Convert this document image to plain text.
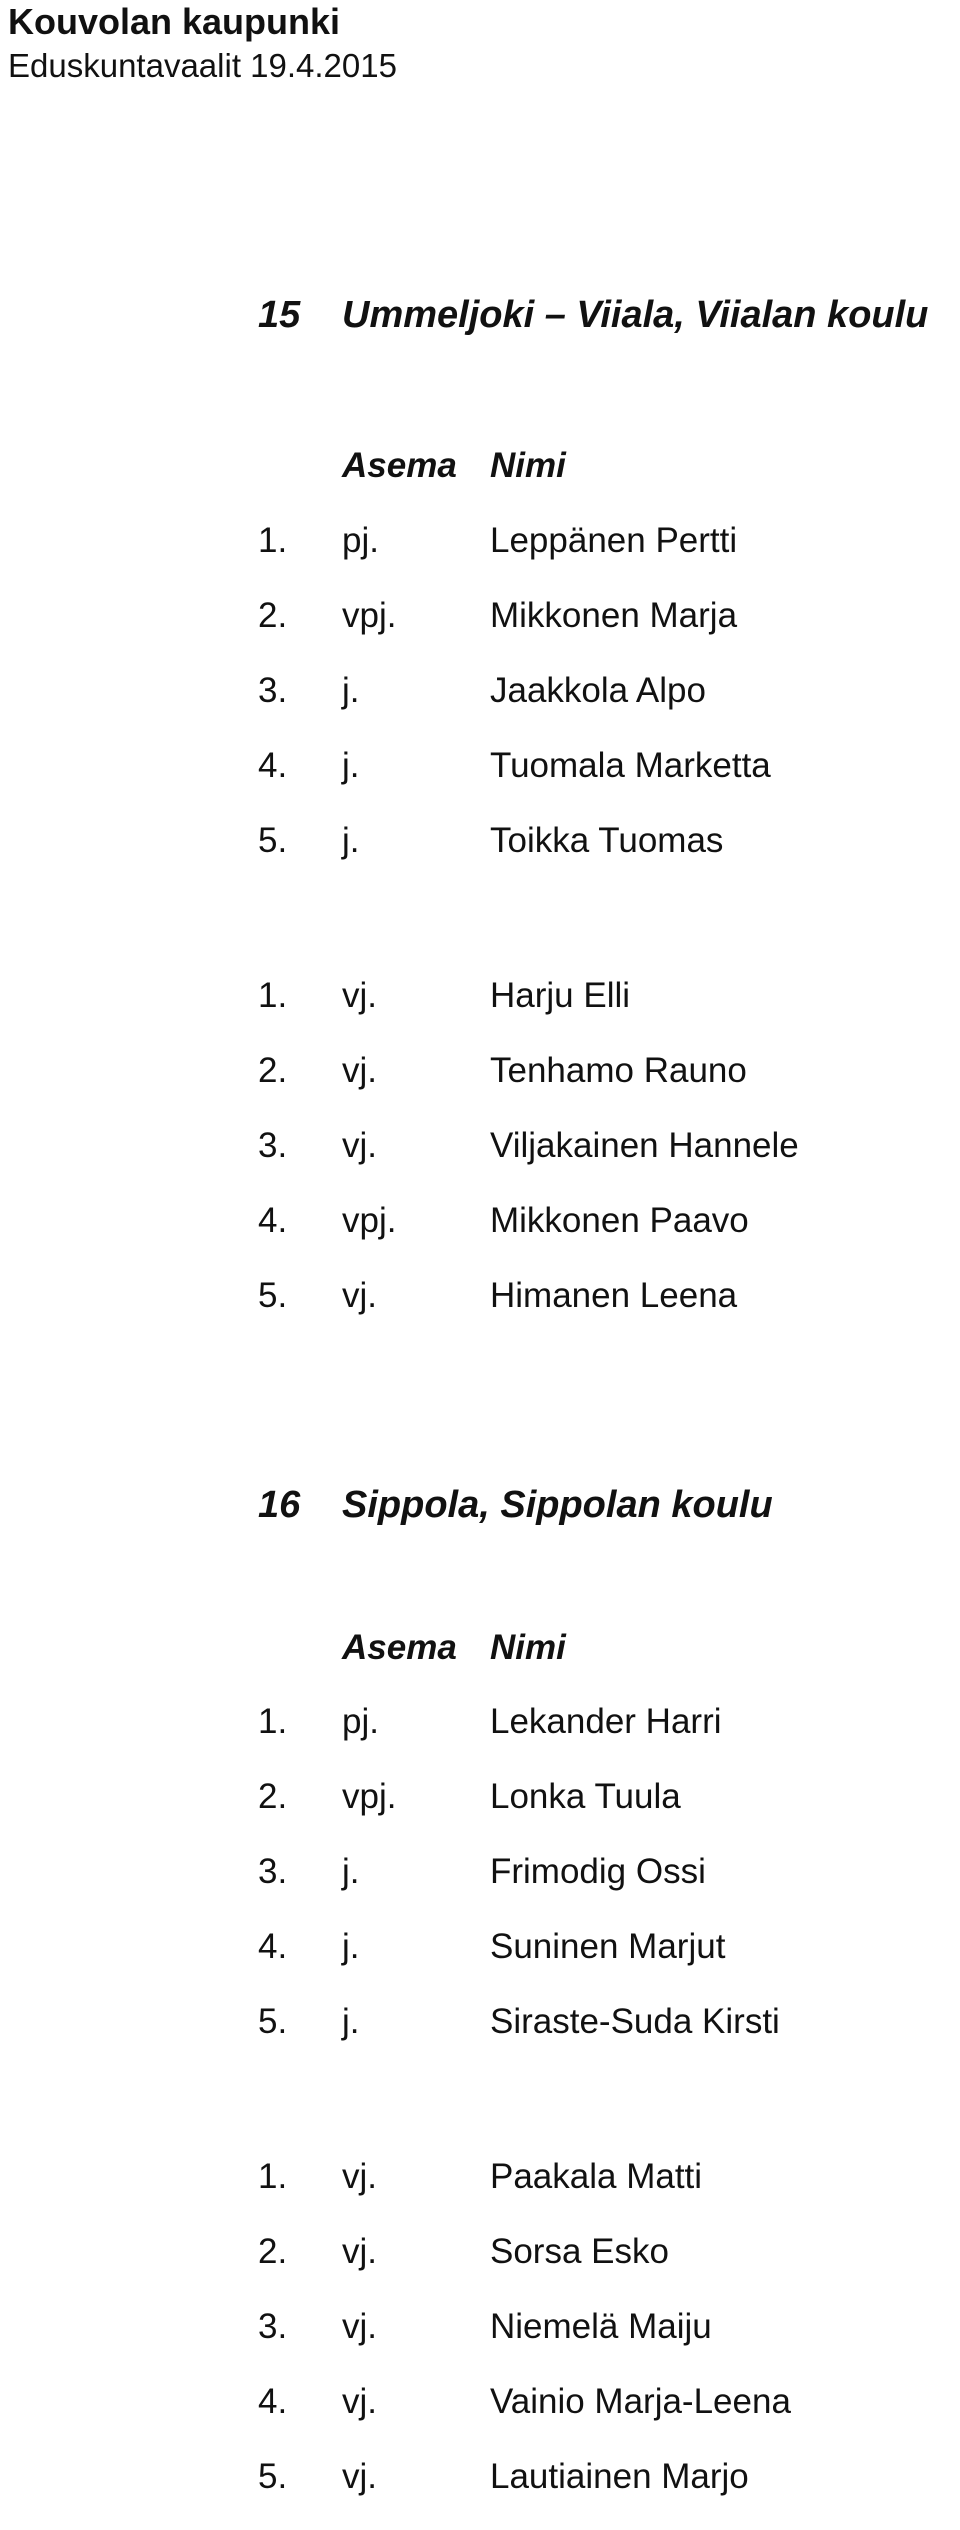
Kouvolan kaupunki
Eduskuntavaalit 19.4.2015
15 Ummeljoki – Viiala, Viialan koulu
Asema Nimi
1. pj.	Leppänen Pertti
2. vpj.	Mikkonen Marja
3. j.	Jaakkola Alpo
4. j.	Tuomala Marketta
5. j.	Toikka Tuomas
1. vj.	Harju Elli
2. vj.	Tenhamo Rauno
3. vj.	Viljakainen Hannele
4. vpj.	Mikkonen Paavo
5. vj.	Himanen Leena
16 Sippola, Sippolan koulu
Asema Nimi
1. pj.	Lekander Harri
2. vpj.	Lonka Tuula
3. j.	Frimodig Ossi
4. j.	Suninen Marjut
5. j.	Siraste-Suda Kirsti
1. vj.	Paakala Matti
2. vj.	Sorsa Esko
3. vj.	Niemelä Maiju
4. vj.	Vainio Marja-Leena
5. vj.	Lautiainen Marjo
